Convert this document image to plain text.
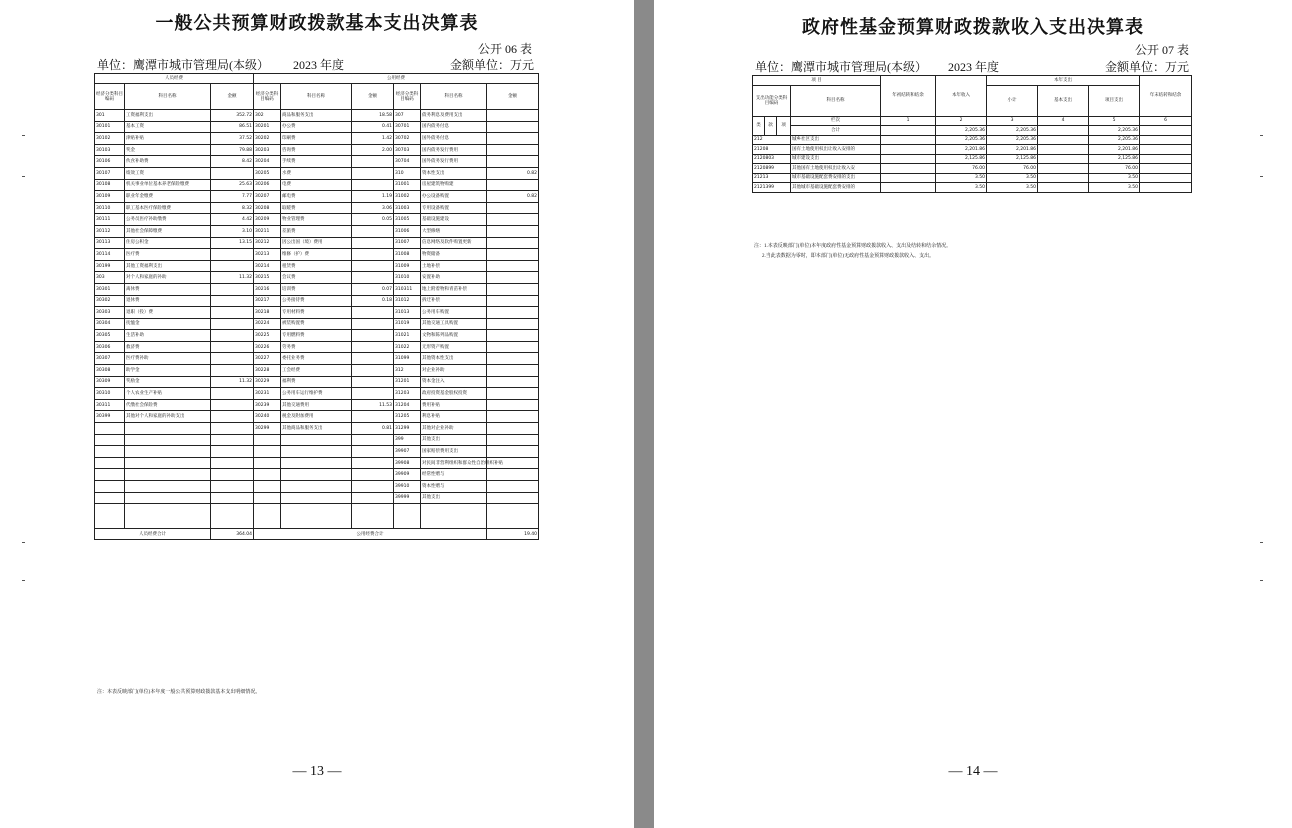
一般公共预算财政拨款基本支出决算表
公开 06 表
单位：鹰潭市城市管理局(本级） 2023 年度	金额单位：万元
人员经费			公用经费					
经济分类科目编码	科目名称	金额	经济分类科目编码	科目名称	金额	经济分类科目编码	科目名称	金额
301	工资福利支出	352.72	302	商品和服务支出	18.58	307	债务利息及费用支出	
30101	基本工资	86.51	30201	办公费	0.41	30701	国内债务付息	
30102	津贴补贴	37.52	30202	印刷费	1.42	30702	国外债务付息	
30103	奖金	79.88	30203	咨询费	2.00	30703	国内债务发行费用	
30106	伙食补助费	8.42	30204	手续费		30704	国外债务发行费用	
30107	绩效工资		30205	水费		310	资本性支出	0.82
30108	机关事业单位基本养老保险缴费	25.63	30206	电费		31001	房屋建筑物购建	
30109	职业年金缴费	7.77	30207	邮电费	1.19	31002	办公设备购置	0.82
30110	职工基本医疗保险缴费	8.32	30208	取暖费	3.06	31003	专用设备购置	
30111	公务员医疗补助缴费	4.42	30209	物业管理费	0.05	31005	基础设施建设	
30112	其他社会保障缴费	3.10	30211	差旅费		31006	大型修缮	
30113	住房公积金	13.15	30212	因公出国（境）费用		31007	信息网络及软件购置更新	
30114	医疗费		30213	维修（护）费		31008	物资储备	
30199	其他工资福利支出		30214	租赁费		31009	土地补偿	
303	对个人和家庭的补助	11.32	30215	会议费		31010	安置补助	
30301	离休费		30216	培训费	0.07	310311	地上附着物和青苗补偿	
30302	退休费		30217	公务接待费	0.18	31012	拆迁补偿	
30303	退职（役）费		30218	专用材料费		31013	公务用车购置	
30304	抚恤金		30224	被装购置费		31019	其他交通工具购置	
30305	生活补助		30225	专用燃料费		31021	文物和陈列品购置	
30306	救济费		30226	劳务费		31022	无形资产购置	
30307	医疗费补助		30227	委托业务费		31099	其他资本性支出	
30308	助学金		30228	工会经费		312	对企业补助	
30309	奖励金	11.32	30229	福利费		31201	资本金注入	
30310	个人农业生产补贴		30231	公务用车运行维护费		31203	政府投资基金股权投资	
30311	代缴社会保险费		30239	其他交通费用	11.53	31204	费用补贴	
30399	其他对个人和家庭的补助支出		30240	税金及附加费用		31205	利息补贴	
			30299	其他商品和服务支出	0.81	31299	其他对企业补助	
						399	其他支出	
						39907	国家赔偿费用支出	
						39908	对民间非营利组织和群众性自治组织补贴	
						39909	经常性赠与	
						39910	资本性赠与	
						39999	其他支出	

人员经费合计		364.04	公用经费合计					19.40
注：本表反映部门(单位)本年度一般公共预算财政拨款基本支出明细情况。
— 13 —
政府性基金预算财政拨款收入支出决算表
公开 07 表
单位：鹰潭市城市管理局(本级） 2023 年度	金额单位：万元
项 目				年初结转和结余	本年收入	本年支出			年末结转和结余
支出功能分类科目编码			科目名称			小计	基本支出	项目支出	

类	款	项	栏次	1	2	3	4	5	6
			合计		2,205.36	2,205.36		2,205.36	
212			城乡社区支出		2,205.36	2,205.36		2,205.36	
21208			国有土地使用权出让收入安排的		2,201.86	2,201.86		2,201.86	
2120803			城市建设支出		2,125.86	2,125.86		2,125.86	
2120899			其他国有土地使用权出让收入安		76.00	76.00		76.00	
21213			城市基础设施配套费安排的支出		3.50	3.50		3.50	
2121399			其他城市基础设施配套费安排的		3.50	3.50		3.50	
注：1.本表反映部门(单位)本年度政府性基金预算财政拨款收入、支出及结转和结余情况。
2.当此表数据为零时，即本部门(单位)无政府性基金预算财政拨款收入、支出。
— 14 —
